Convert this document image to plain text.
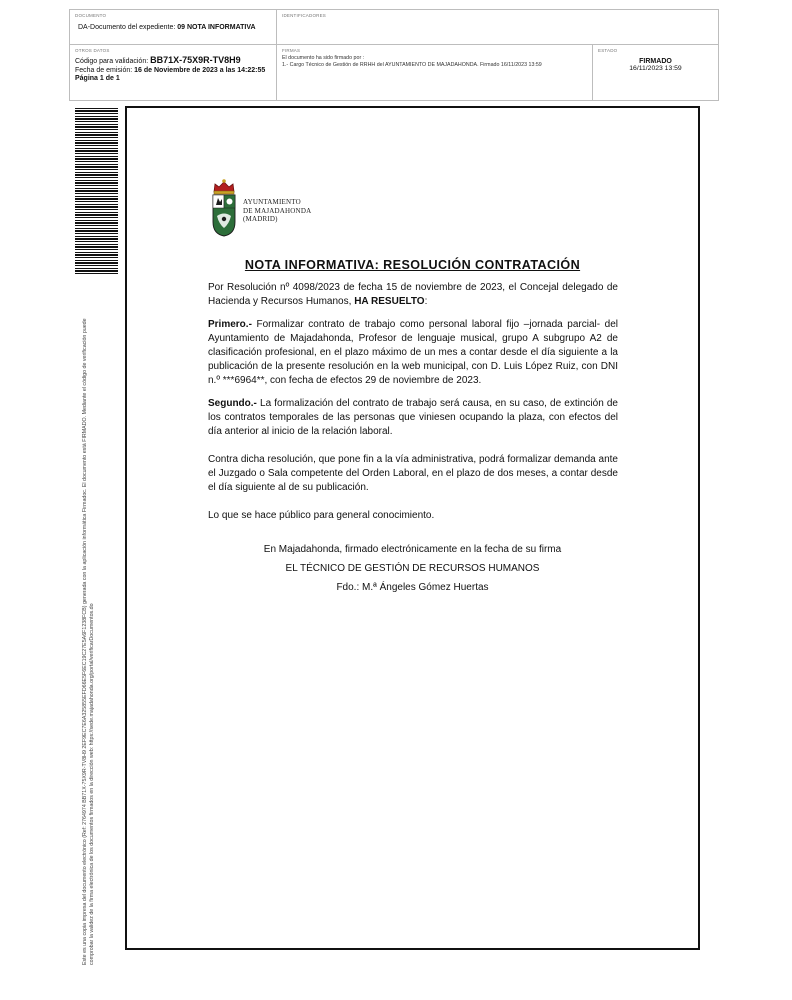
DOCUMENTO
DA-Documento del expediente: 09 NOTA INFORMATIVA
IDENTIFICADORES
OTROS DATOS
Código para validación: BB71X-75X9R-TV8H9
Fecha de emisión: 16 de Noviembre de 2023 a las 14:22:55
Página 1 de 1
FIRMAS
El documento ha sido firmado por :
1.- Cargo Técnico de Gestión de RRHH del AYUNTAMIENTO DE MAJADAHONDA. Firmado 16/11/2023 13:59
ESTADO
FIRMADO
16/11/2023 13:59
Este es una copia impresa del documento electrónico (Ref: 2764974 BB71X-75X9R-TV8H9 2EF9EC7E6A325855EFD66E5F6EC19C27E5A6F1238FCB) generada con la aplicación informática Firmadoc. El documento está FIRMADO. Mediante el código de verificación puede comprobar la validez de la firma electrónica de los documentos firmados en la dirección web: https://sede.majadahonda.org/portal/verificarDocumentos.do
AYUNTAMIENTO
DE MAJADAHONDA
(MADRID)
NOTA INFORMATIVA: RESOLUCIÓN CONTRATACIÓN

Por Resolución nº 4098/2023 de fecha 15 de noviembre de 2023, el Concejal delegado de Hacienda y Recursos Humanos, HA RESUELTO:

Primero.- Formalizar contrato de trabajo como personal laboral fijo –jornada parcial- del Ayuntamiento de Majadahonda, Profesor de lenguaje musical, grupo A subgrupo A2 de clasificación profesional, en el plazo máximo de un mes a contar desde el día siguiente a la publicación de la presente resolución en la web municipal, con D. Luis López Ruiz, con DNI n.º ***6964**, con fecha de efectos 29 de noviembre de 2023.

Segundo.- La formalización del contrato de trabajo será causa, en su caso, de extinción de los contratos temporales de las personas que viniesen ocupando la plaza, con efectos del día anterior al inicio de la relación laboral.

Contra dicha resolución, que pone fin a la vía administrativa, podrá formalizar demanda ante el Juzgado o Sala competente del Orden Laboral, en el plazo de dos meses, a contar desde el día siguiente al de su publicación.

Lo que se hace público para general conocimiento.

En Majadahonda, firmado electrónicamente en la fecha de su firma
EL TÉCNICO DE GESTIÓN DE RECURSOS HUMANOS
Fdo.: M.ª Ángeles Gómez Huertas
